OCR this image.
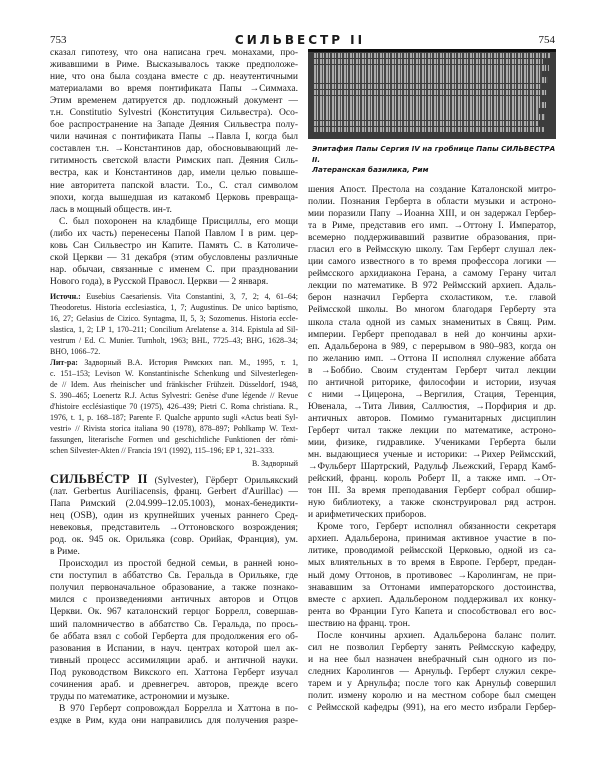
753	СИЛЬВЕСТР II	754
сказал гипотезу, что она написана греч. монахами, про-
живавшими в Риме. Высказывалось также предположе-
ние, что она была создана вместе с др. неаутентичными
материалами во время понтификата Папы →Симмаха.
Этим временем датируется др. подложный документ —
т.н. Constitutio Sylvestri (Конституция Сильвестра). Осо-
бое распространение на Западе Деяния Сильвестра полу-
чили начиная с понтификата Папы →Павла I, когда был
составлен т.н. →Константинов дар, обосновывающий ле-
гитимность светской власти Римских пап. Деяния Силь-
вестра, как и Константинов дар, имели целью повыше-
ние авторитета папской власти. Т.о., С. стал символом
эпохи, когда вышедшая из катакомб Церковь превраща-
лась в мощный обществ. ин-т.
С. был похоронен на кладбище Присциллы, его мощи
(либо их часть) перенесены Папой Павлом I в рим. цер-
ковь Сан Сильвестро ин Капите. Память С. в Католиче-
ской Церкви — 31 декабря (этим обусловлены различные
нар. обычаи, связанные с именем С. при праздновании
Нового года), в Русской Правосл. Церкви — 2 января.
Источн.: Eusebius Caesariensis. Vita Constantini, 3, 7, 2; 4, 61–64;
Theodoretus. Historia ecclesiastica, 1, 7; Augustinus. De unico baptismo,
16, 27; Gelasius de Cizico. Syntagma, II, 5, 3; Sozomenus. Historia eccle-
slastica, 1, 2; LP 1, 170–211; Concilium Arelatense a. 314. Epistula ad Sil-
vestrum / Ed. C. Munier. Turnholt, 1963; BHL, 7725–43; BHG, 1628–34;
BHO, 1066–72.
Лит-ра: Задворный В.А. История Римских пап. М., 1995, т. 1,
с. 151–153; Levison W. Konstantinische Schenkung und Silvesterlegen-
de // Idem. Aus rheinischer und fränkischer Frühzeit. Düsseldorf, 1948,
S. 390–465; Loenertz R.J. Actus Sylvestri: Genèse d'une légende // Revue
d'histoire ecclésiastique 70 (1975), 426–439; Pietri C. Roma christiana. R.,
1976, t. 1, p. 168–187; Parente F. Qualche appunto sugli «Actus beati Syl-
vestri» // Rivista storica italiana 90 (1978), 878–897; Pohlkamp W. Text-
fassungen, literarische Formen und geschichtliche Funktionen der römi-
schen Silvester-Akten // Francia 19/1 (1992), 115–196; EP 1, 321–333.
В. Задворный
СИЛЬВЕ́СТР II (Sylvester), Гёрберт Орильякский
(лат. Gerbertus Auriliacensis, франц. Gerbert d'Aurillac) —
Папа Римский (2.04.999–12.05.1003), монах-бенедикти-
нец (OSB), один из крупнейших ученых раннего Сред-
невековья, представитель →Оттоновского возрождения;
род. ок. 945 ок. Орильяка (совр. Орийак, Франция), ум.
в Риме.
Происходил из простой бедной семьи, в ранней юно-
сти поступил в аббатство Св. Геральда в Орильяке, где
получил первоначальное образование, а также познако-
мился с произведениями античных авторов и Отцов
Церкви. Ок. 967 каталонский герцог Боррелл, совершав-
ший паломничество в аббатство Св. Геральда, по прось-
бе аббата взял с собой Герберта для продолжения его об-
разования в Испании, в науч. центрах которой шел ак-
тивный процесс ассимиляции араб. и античной науки.
Под руководством Викского еп. Хаттона Герберт изучал
сочинения араб. и древнегреч. авторов, прежде всего
труды по математике, астрономии и музыке.
В 970 Герберт сопровождал Боррелла и Хаттона в по-
ездке в Рим, куда они направились для получения разре-
Эпитафия Папы Сергия IV на гробнице Папы СИЛЬВЕСТРА II.
Латеранская базилика, Рим
шения Апост. Престола на создание Каталонской митро-
полии. Познания Герберта в области музыки и астроно-
мии поразили Папу →Иоанна XIII, и он задержал Гербер-
та в Риме, представив его имп. →Оттону I. Император,
всемерно поддерживавший развитие образования, при-
гласил его в Реймсскую школу. Там Герберт слушал лек-
ции самого известного в то время профессора логики —
реймсского архидиакона Герана, а самому Герану читал
лекции по математике. В 972 Реймсский архиеп. Адаль-
берон назначил Герберта схоластиком, т.е. главой
Реймсской школы. Во многом благодаря Герберту эта
школа стала одной из самых знаменитых в Свящ. Рим.
империи. Герберт преподавал в ней до кончины архи-
еп. Адальберона в 989, с перерывом в 980–983, когда он
по желанию имп. →Оттона II исполнял служение аббата
в →Боббио. Своим студентам Герберт читал лекции
по античной риторике, философии и истории, изучая
с ними →Цицерона, →Вергилия, Стация, Теренция,
Ювенала, →Тита Ливия, Саллюстия, →Порфирия и др.
античных авторов. Помимо гуманитарных дисциплин
Герберт читал также лекции по математике, астроно-
мии, физике, гидравлике. Учениками Герберта были
мн. выдающиеся ученые и историки: →Рихер Реймсский,
→Фульберт Шартрский, Радульф Льежский, Герард Камб-
рейский, франц. король Роберт II, а также имп. →От-
тон III. За время преподавания Герберт собрал обшир-
ную библиотеку, а также сконструировал ряд астрон.
и арифметических приборов.
Кроме того, Герберт исполнял обязанности секретаря
архиеп. Адальберона, принимая активное участие в по-
литике, проводимой реймсской Церковью, одной из са-
мых влиятельных в то время в Европе. Герберт, предан-
ный дому Оттонов, в противовес →Каролингам, не при-
знававшим за Оттонами императорского достоинства,
вместе с архиеп. Адальбероном поддерживал их конку-
рента во Франции Гуго Капета и способствовал его вос-
шествию на франц. трон.
После кончины архиеп. Адальберона баланс полит.
сил не позволил Герберту занять Реймсскую кафедру,
и на нее был назначен внебрачный сын одного из по-
следних Каролингов — Арнульф. Герберт служил секре-
тарем и у Арнульфа; после того как Арнульф совершил
полит. измену королю и на местном соборе был смещен
с Реймсской кафедры (991), на его место избрали Гербер-
